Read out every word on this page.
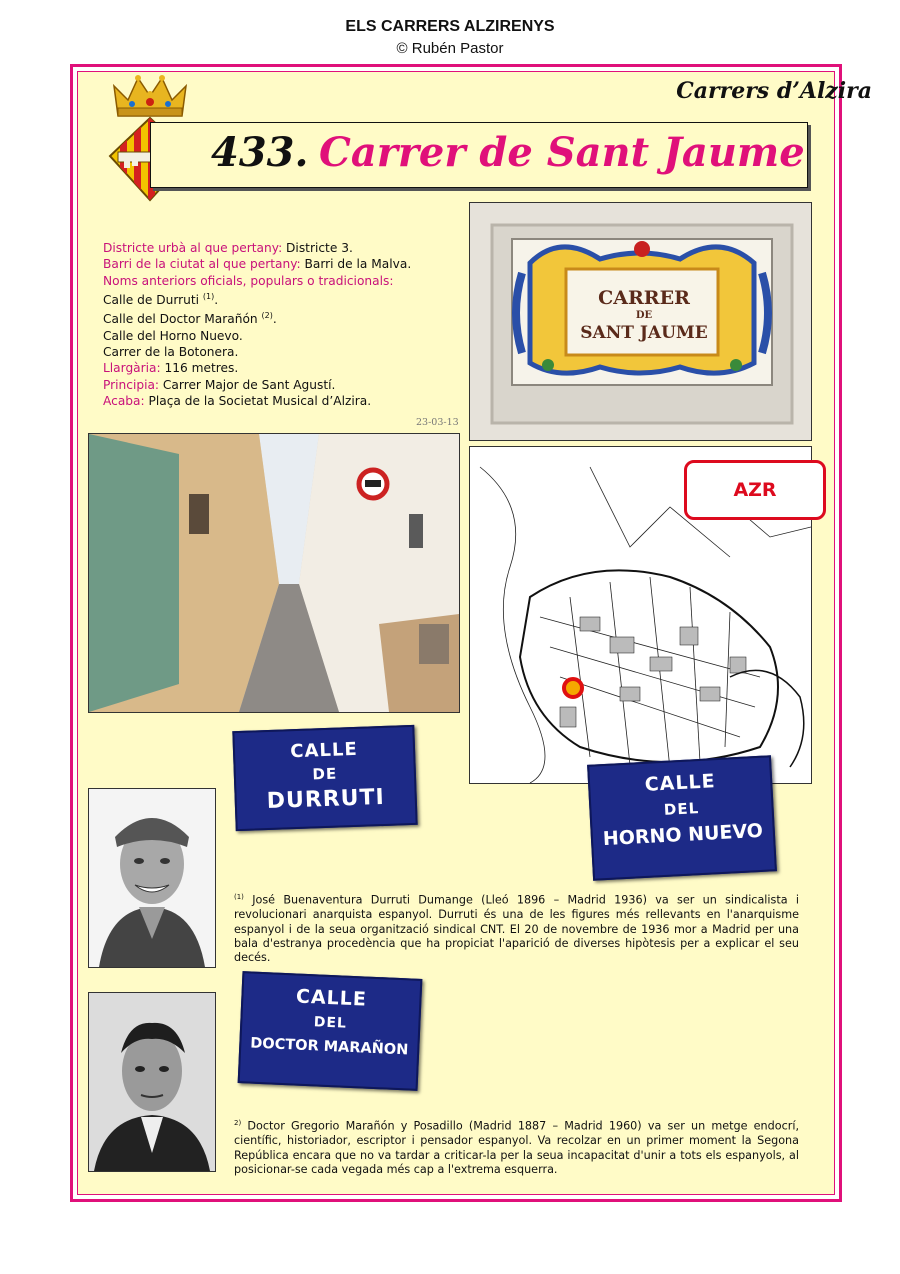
ELS CARRERS ALZIRENYS
© Rubén Pastor
Carrers d’Alzira
433. Carrer de Sant Jaume
Districte urbà al que pertany: Districte 3.
Barri de la ciutat al que pertany: Barri de la Malva.
Noms anteriors oficials, populars o tradicionals:
Calle de Durruti $^{(1)}$.
Calle del Doctor Marañón $^{(2)}$.
Calle del Horno Nuevo.
Carrer de la Botonera.
Llargària: 116 metres.
Principia: Carrer Major de Sant Agustí.
Acaba: Plaça de la Societat Musical d’Alzira.
23-03-13
CARRER
DE
SANT JAUME
AZR
CALLE
DE
DURRUTI
CALLE
DEL
HORNO NUEVO
CALLE
DEL
DOCTOR MARAÑON
$^{(1)}$ José Buenaventura Durruti Dumange (Lleó 1896 – Madrid 1936) va ser un sindicalista i revolucionari anarquista espanyol. Durruti és una de les figures més rellevants en l'anarquisme espanyol i de la seua organització sindical CNT. El 20 de novembre de 1936 mor a Madrid per una bala d'estranya procedència que ha propiciat l'aparició de diverses hipòtesis per a explicar el seu decés.
$^{2)}$ Doctor Gregorio Marañón y Posadillo (Madrid 1887 – Madrid 1960) va ser un metge endocrí, científic, historiador, escriptor i pensador espanyol. Va recolzar en un primer moment la Segona República encara que no va tardar a criticar-la per la seua incapacitat d'unir a tots els espanyols, al posicionar-se cada vegada més cap a l'extrema esquerra.
